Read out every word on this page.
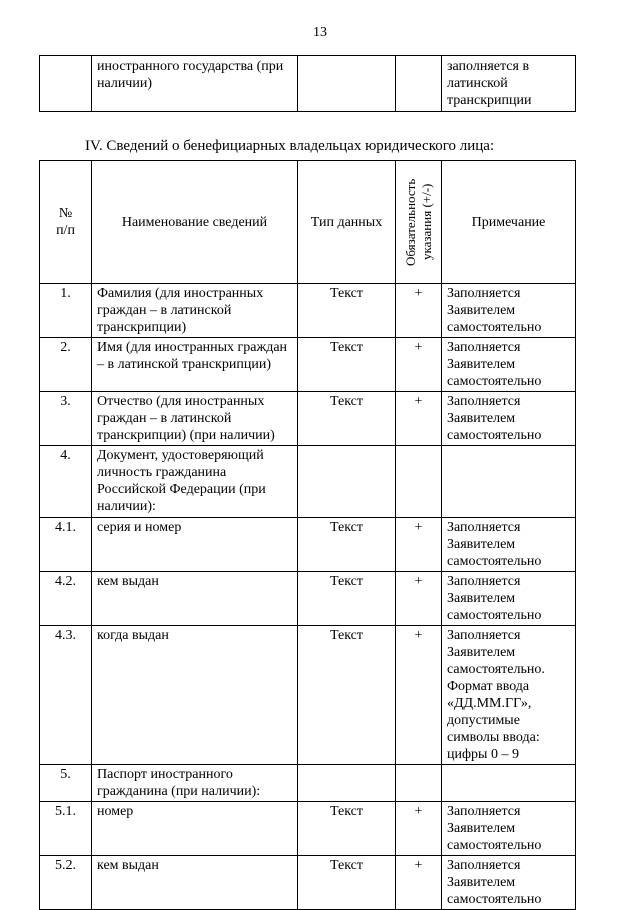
13
	иностранного государства (при наличии)			заполняется в латинской транскрипции
IV. Сведений о бенефициарных владельцах юридического лица:
№
п/п	Наименование сведений	Тип данных	Обязательность указания (+/-)	Примечание
1.	Фамилия (для иностранных граждан – в латинской транскрипции)	Текст	+	Заполняется Заявителем самостоятельно
2.	Имя (для иностранных граждан – в латинской транскрипции)	Текст	+	Заполняется Заявителем самостоятельно
3.	Отчество (для иностранных граждан – в латинской транскрипции) (при наличии)	Текст	+	Заполняется Заявителем самостоятельно
4.	Документ, удостоверяющий личность гражданина Российской Федерации (при наличии):			
4.1.	серия и номер	Текст	+	Заполняется Заявителем самостоятельно
4.2.	кем выдан	Текст	+	Заполняется Заявителем самостоятельно
4.3.	когда выдан	Текст	+	Заполняется Заявителем самостоятельно. Формат ввода «ДД.ММ.ГГ», допустимые символы ввода: цифры 0 – 9
5.	Паспорт иностранного гражданина (при наличии):			
5.1.	номер	Текст	+	Заполняется Заявителем самостоятельно
5.2.	кем выдан	Текст	+	Заполняется Заявителем самостоятельно
